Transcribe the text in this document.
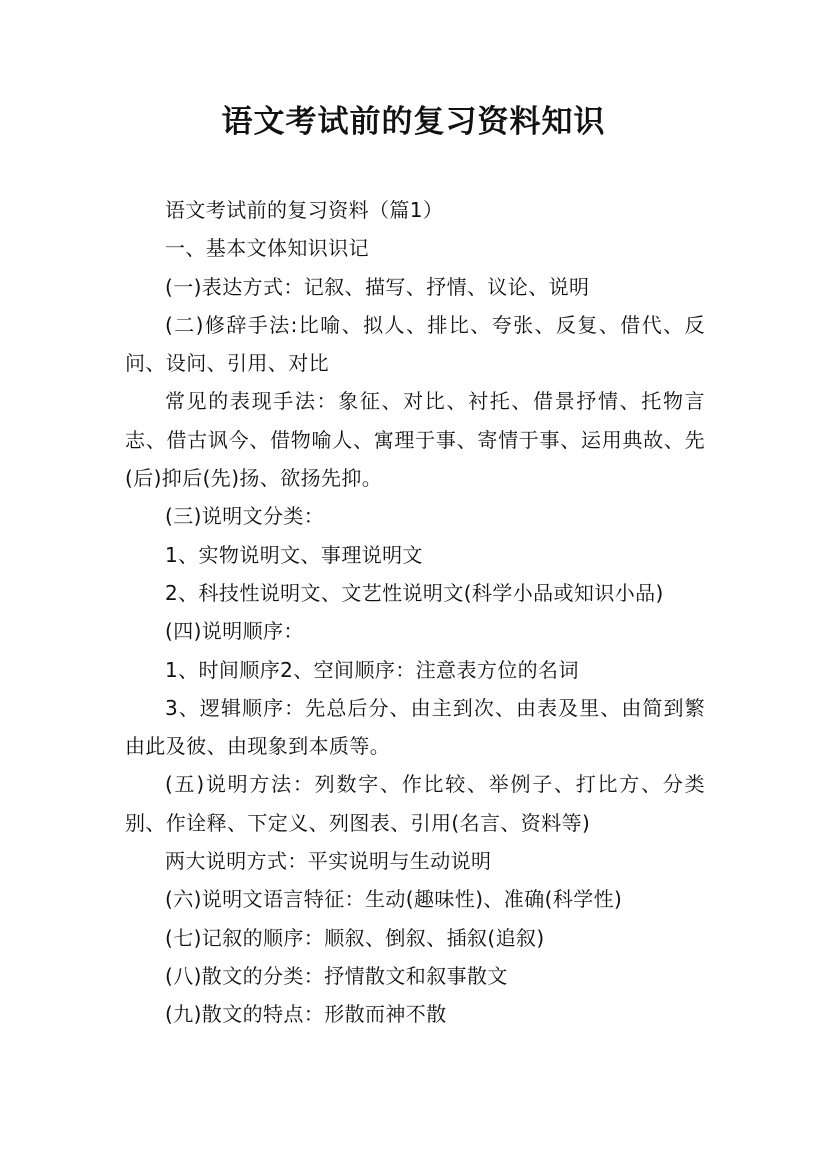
语文考试前的复习资料知识

语文考试前的复习资料（篇1）

一、基本文体知识识记

(一)表达方式：记叙、描写、抒情、议论、说明

(二)修辞手法:比喻、拟人、排比、夸张、反复、借代、反问、设问、引用、对比

常见的表现手法：象征、对比、衬托、借景抒情、托物言志、借古讽今、借物喻人、寓理于事、寄情于事、运用典故、先(后)抑后(先)扬、欲扬先抑。

(三)说明文分类：

1、实物说明文、事理说明文

2、科技性说明文、文艺性说明文(科学小品或知识小品)

(四)说明顺序：

1、时间顺序2、空间顺序：注意表方位的名词

3、逻辑顺序：先总后分、由主到次、由表及里、由简到繁由此及彼、由现象到本质等。

(五)说明方法：列数字、作比较、举例子、打比方、分类别、作诠释、下定义、列图表、引用(名言、资料等)

两大说明方式：平实说明与生动说明

(六)说明文语言特征：生动(趣味性)、准确(科学性)

(七)记叙的顺序：顺叙、倒叙、插叙(追叙)

(八)散文的分类：抒情散文和叙事散文

(九)散文的特点：形散而神不散
